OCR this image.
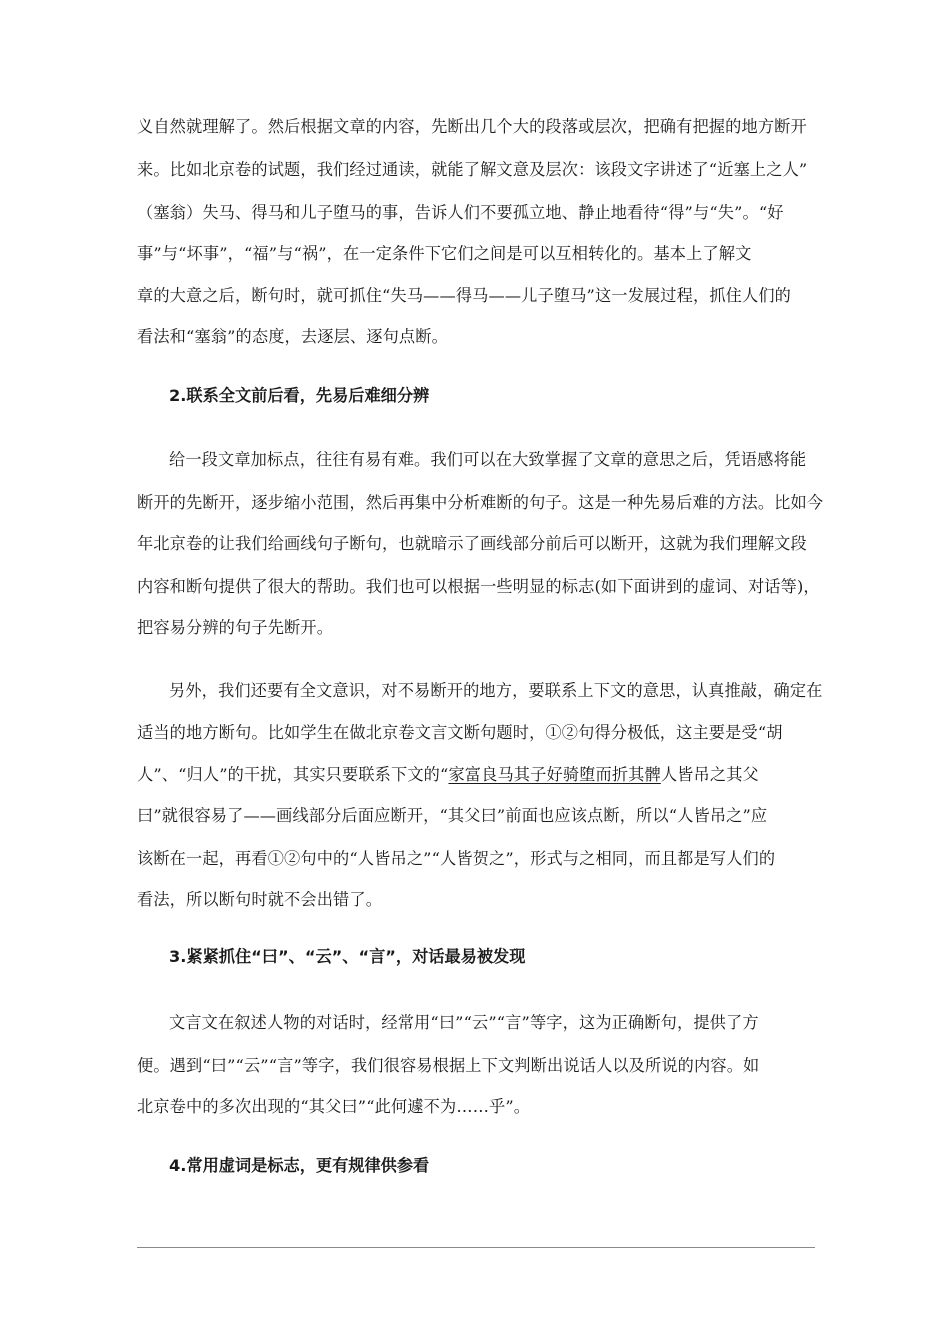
义自然就理解了。然后根据文章的内容，先断出几个大的段落或层次，把确有把握的地方断开
来。比如北京卷的试题，我们经过通读，就能了解文意及层次：该段文字讲述了“近塞上之人”
（塞翁）失马、得马和儿子堕马的事，告诉人们不要孤立地、静止地看待“得”与“失”。“好
事”与“坏事”，“福”与“祸”，在一定条件下它们之间是可以互相转化的。基本上了解文
章的大意之后，断句时，就可抓住“失马——得马——儿子堕马”这一发展过程，抓住人们的
看法和“塞翁”的态度，去逐层、逐句点断。
2.联系全文前后看，先易后难细分辨
给一段文章加标点，往往有易有难。我们可以在大致掌握了文章的意思之后，凭语感将能
断开的先断开，逐步缩小范围，然后再集中分析难断的句子。这是一种先易后难的方法。比如今
年北京卷的让我们给画线句子断句，也就暗示了画线部分前后可以断开，这就为我们理解文段
内容和断句提供了很大的帮助。我们也可以根据一些明显的标志(如下面讲到的虚词、对话等)，
把容易分辨的句子先断开。
另外，我们还要有全文意识，对不易断开的地方，要联系上下文的意思，认真推敲，确定在
适当的地方断句。比如学生在做北京卷文言文断句题时，①②句得分极低，这主要是受“胡
人”、“归人”的干扰，其实只要联系下文的“家富良马其子好骑堕而折其髀人皆吊之其父
曰”就很容易了——画线部分后面应断开，“其父曰”前面也应该点断，所以“人皆吊之”应
该断在一起，再看①②句中的“人皆吊之”“人皆贺之”，形式与之相同，而且都是写人们的
看法，所以断句时就不会出错了。
3.紧紧抓住“曰”、“云”、“言”，对话最易被发现
文言文在叙述人物的对话时，经常用“曰”“云”“言”等字，这为正确断句，提供了方
便。遇到“曰”“云”“言”等字，我们很容易根据上下文判断出说话人以及所说的内容。如
北京卷中的多次出现的“其父曰”“此何遽不为……乎”。
4.常用虚词是标志，更有规律供参看
